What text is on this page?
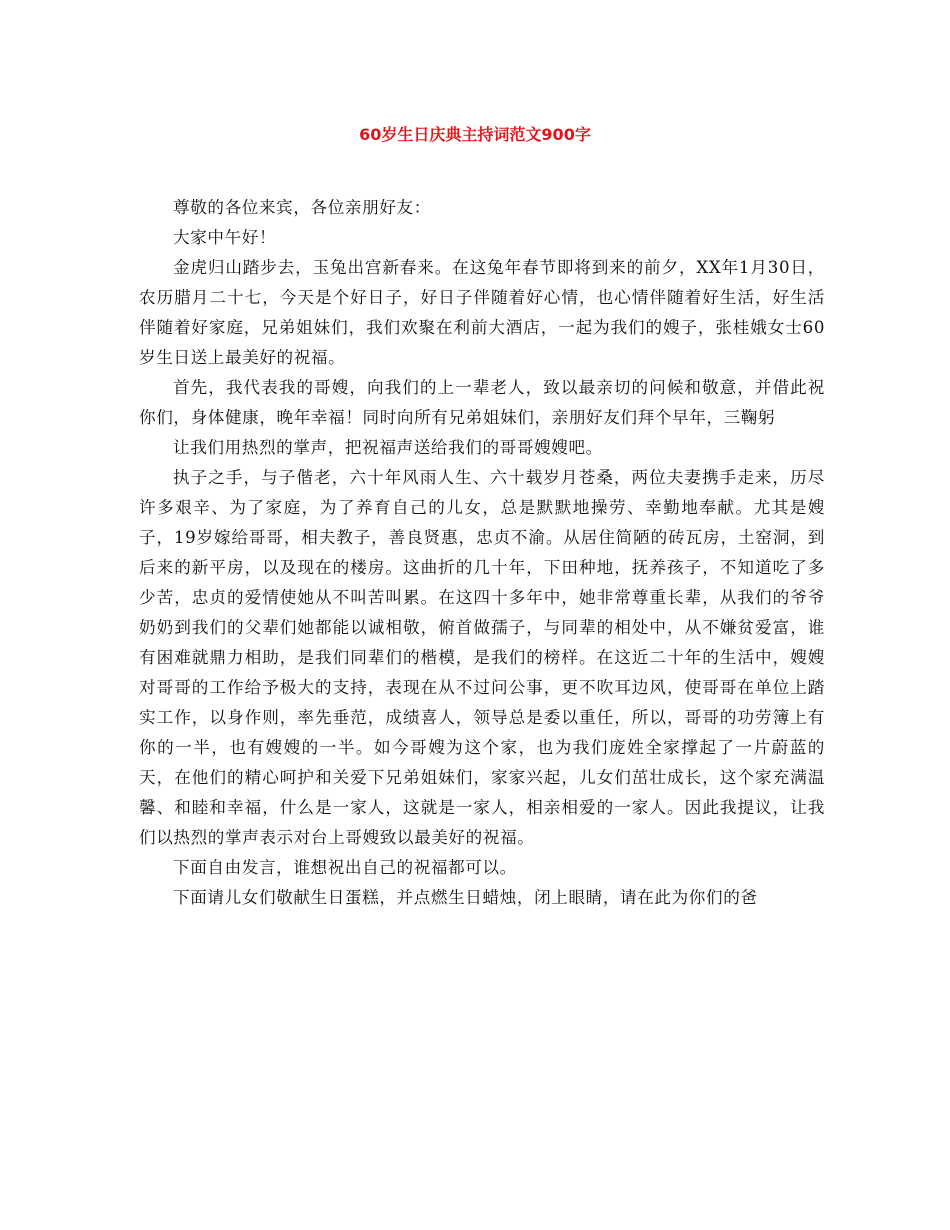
60岁生日庆典主持词范文900字

尊敬的各位来宾，各位亲朋好友：

大家中午好！

金虎归山踏步去，玉兔出宫新春来。在这兔年春节即将到来的前夕，XX年1月30日，农历腊月二十七，今天是个好日子，好日子伴随着好心情，也心情伴随着好生活，好生活伴随着好家庭，兄弟姐妹们，我们欢聚在利前大酒店，一起为我们的嫂子，张桂娥女士60岁生日送上最美好的祝福。

首先，我代表我的哥嫂，向我们的上一辈老人，致以最亲切的问候和敬意，并借此祝你们，身体健康，晚年幸福！同时向所有兄弟姐妹们，亲朋好友们拜个早年，三鞠躬

让我们用热烈的掌声，把祝福声送给我们的哥哥嫂嫂吧。

执子之手，与子偕老，六十年风雨人生、六十载岁月苍桑，两位夫妻携手走来，历尽许多艰辛、为了家庭，为了养育自己的儿女，总是默默地操劳、幸勤地奉献。尤其是嫂子，19岁嫁给哥哥，相夫教子，善良贤惠，忠贞不渝。从居住简陋的砖瓦房，土窑洞，到后来的新平房，以及现在的楼房。这曲折的几十年，下田种地，抚养孩子，不知道吃了多少苦，忠贞的爱情使她从不叫苦叫累。在这四十多年中，她非常尊重长辈，从我们的爷爷奶奶到我们的父辈们她都能以诚相敬，俯首做孺子，与同辈的相处中，从不嫌贫爱富，谁有困难就鼎力相助，是我们同辈们的楷模，是我们的榜样。在这近二十年的生活中，嫂嫂对哥哥的工作给予极大的支持，表现在从不过问公事，更不吹耳边风，使哥哥在单位上踏实工作，以身作则，率先垂范，成绩喜人，领导总是委以重任，所以，哥哥的功劳簿上有你的一半，也有嫂嫂的一半。如今哥嫂为这个家，也为我们庞姓全家撑起了一片蔚蓝的天，在他们的精心呵护和关爱下兄弟姐妹们，家家兴起，儿女们茁壮成长，这个家充满温馨、和睦和幸福，什么是一家人，这就是一家人，相亲相爱的一家人。因此我提议，让我们以热烈的掌声表示对台上哥嫂致以最美好的祝福。

下面自由发言，谁想祝出自己的祝福都可以。

下面请儿女们敬献生日蛋糕，并点燃生日蜡烛，闭上眼睛，请在此为你们的爸
